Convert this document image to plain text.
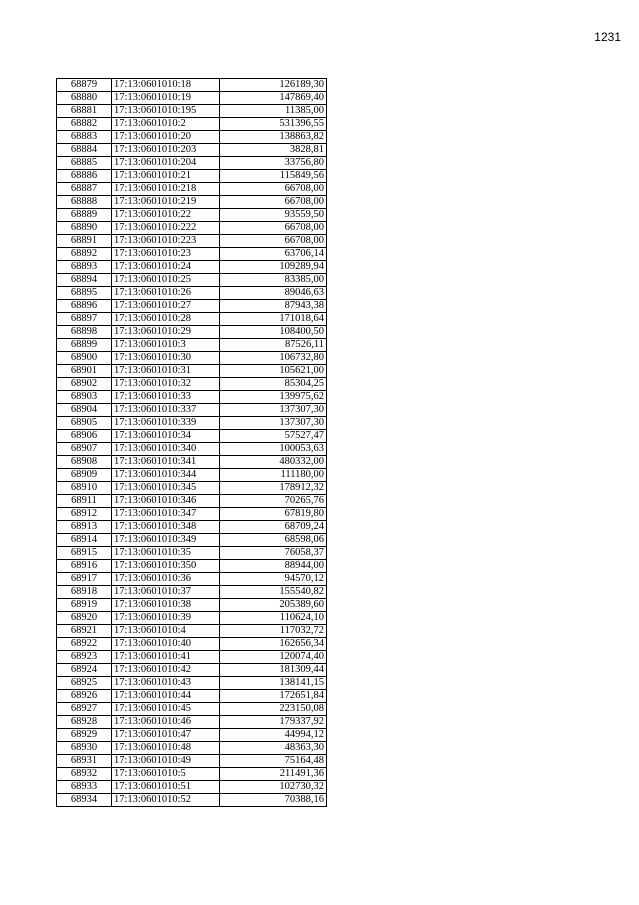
1231
68879	17:13:0601010:18	126189,30
68880	17:13:0601010:19	147869,40
68881	17:13:0601010:195	11385,00
68882	17:13:0601010:2	531396,55
68883	17:13:0601010:20	138863,82
68884	17:13:0601010:203	3828,81
68885	17:13:0601010:204	33756,80
68886	17:13:0601010:21	115849,56
68887	17:13:0601010:218	66708,00
68888	17:13:0601010:219	66708,00
68889	17:13:0601010:22	93559,50
68890	17:13:0601010:222	66708,00
68891	17:13:0601010:223	66708,00
68892	17:13:0601010:23	63706,14
68893	17:13:0601010:24	109289,94
68894	17:13:0601010:25	83385,00
68895	17:13:0601010:26	89046,63
68896	17:13:0601010:27	87943,38
68897	17:13:0601010:28	171018,64
68898	17:13:0601010:29	108400,50
68899	17:13:0601010:3	87526,11
68900	17:13:0601010:30	106732,80
68901	17:13:0601010:31	105621,00
68902	17:13:0601010:32	85304,25
68903	17:13:0601010:33	139975,62
68904	17:13:0601010:337	137307,30
68905	17:13:0601010:339	137307,30
68906	17:13:0601010:34	57527,47
68907	17:13:0601010:340	100053,63
68908	17:13:0601010:341	480332,00
68909	17:13:0601010:344	111180,00
68910	17:13:0601010:345	178912,32
68911	17:13:0601010:346	70265,76
68912	17:13:0601010:347	67819,80
68913	17:13:0601010:348	68709,24
68914	17:13:0601010:349	68598,06
68915	17:13:0601010:35	76058,37
68916	17:13:0601010:350	88944,00
68917	17:13:0601010:36	94570,12
68918	17:13:0601010:37	155540,82
68919	17:13:0601010:38	205389,60
68920	17:13:0601010:39	110624,10
68921	17:13:0601010:4	117032,72
68922	17:13:0601010:40	162656,34
68923	17:13:0601010:41	120074,40
68924	17:13:0601010:42	181309,44
68925	17:13:0601010:43	138141,15
68926	17:13:0601010:44	172651,84
68927	17:13:0601010:45	223150,08
68928	17:13:0601010:46	179337,92
68929	17:13:0601010:47	44994,12
68930	17:13:0601010:48	48363,30
68931	17:13:0601010:49	75164,48
68932	17:13:0601010:5	211491,36
68933	17:13:0601010:51	102730,32
68934	17:13:0601010:52	70388,16
